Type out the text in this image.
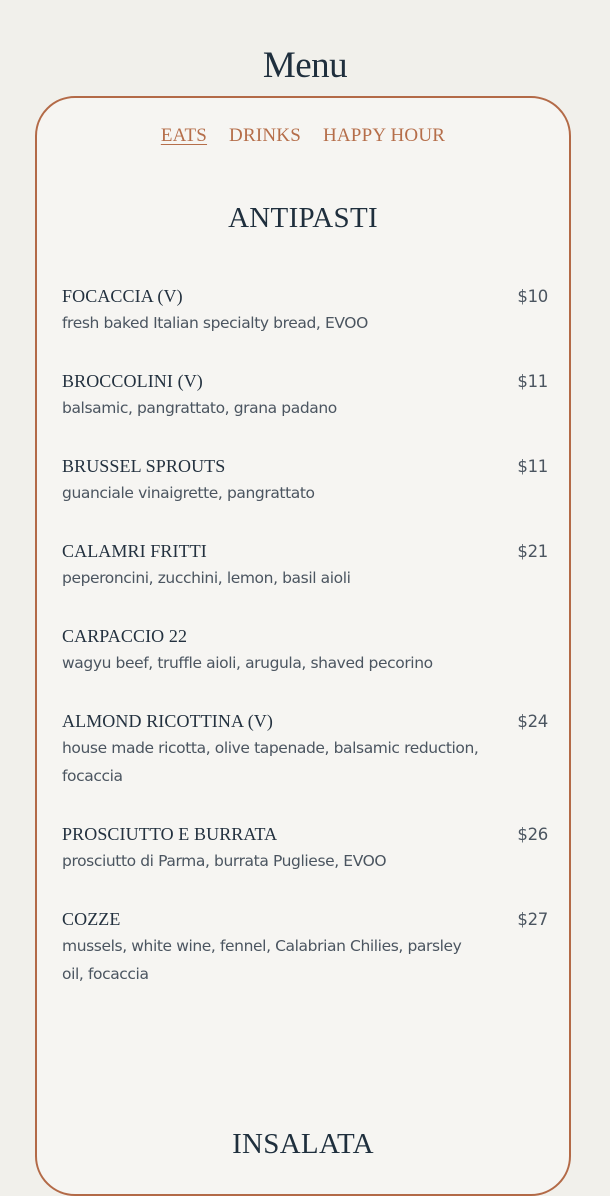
Menu
EATS DRINKS HAPPY HOUR
ANTIPASTI
FOCACCIA (V)
fresh baked Italian specialty bread, EVOO
$10
BROCCOLINI (V)
balsamic, pangrattato, grana padano
$11
BRUSSEL SPROUTS
guanciale vinaigrette, pangrattato
$11
CALAMRI FRITTI
peperoncini, zucchini, lemon, basil aioli
$21
CARPACCIO 22
wagyu beef, truffle aioli, arugula, shaved pecorino
ALMOND RICOTTINA (V)
house made ricotta, olive tapenade, balsamic reduction, focaccia
$24
PROSCIUTTO E BURRATA
prosciutto di Parma, burrata Pugliese, EVOO
$26
COZZE
mussels, white wine, fennel, Calabrian Chilies, parsley oil, focaccia
$27
INSALATA
